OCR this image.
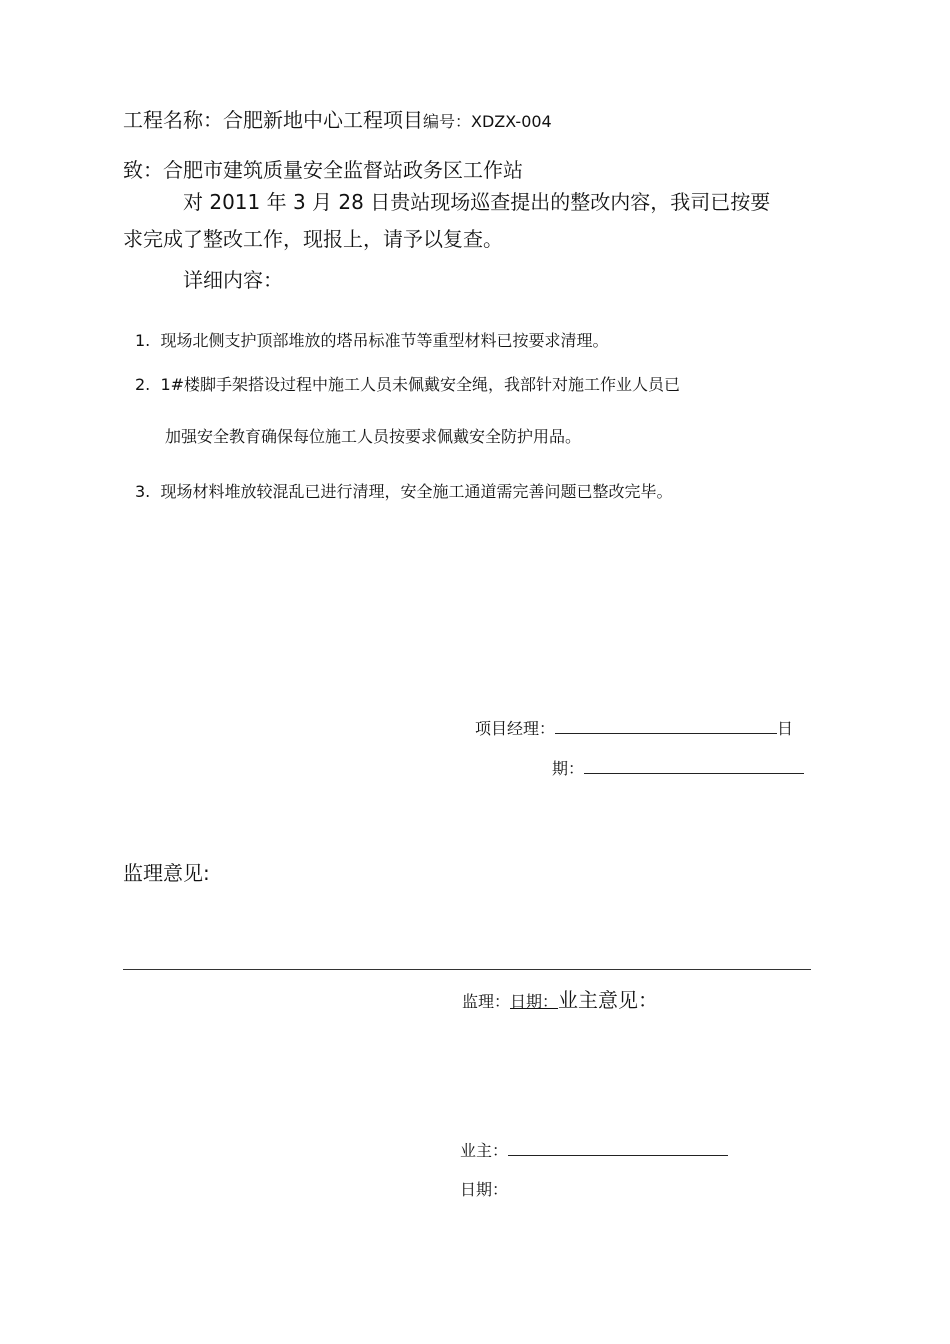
工程名称：合肥新地中心工程项目编号：XDZX-004
致：合肥市建筑质量安全监督站政务区工作站
对 2011 年 3 月 28 日贵站现场巡查提出的整改内容，我司已按要
求完成了整改工作，现报上，请予以复查。
详细内容：
1. 现场北侧支护顶部堆放的塔吊标准节等重型材料已按要求清理。
2. 1#楼脚手架搭设过程中施工人员未佩戴安全绳，我部针对施工作业人员已
加强安全教育确保每位施工人员按要求佩戴安全防护用品。
3. 现场材料堆放较混乱已进行清理，安全施工通道需完善问题已整改完毕。
项目经理：	日
期：
监理意见:
监理：日期：业主意见：
业主：
日期：
